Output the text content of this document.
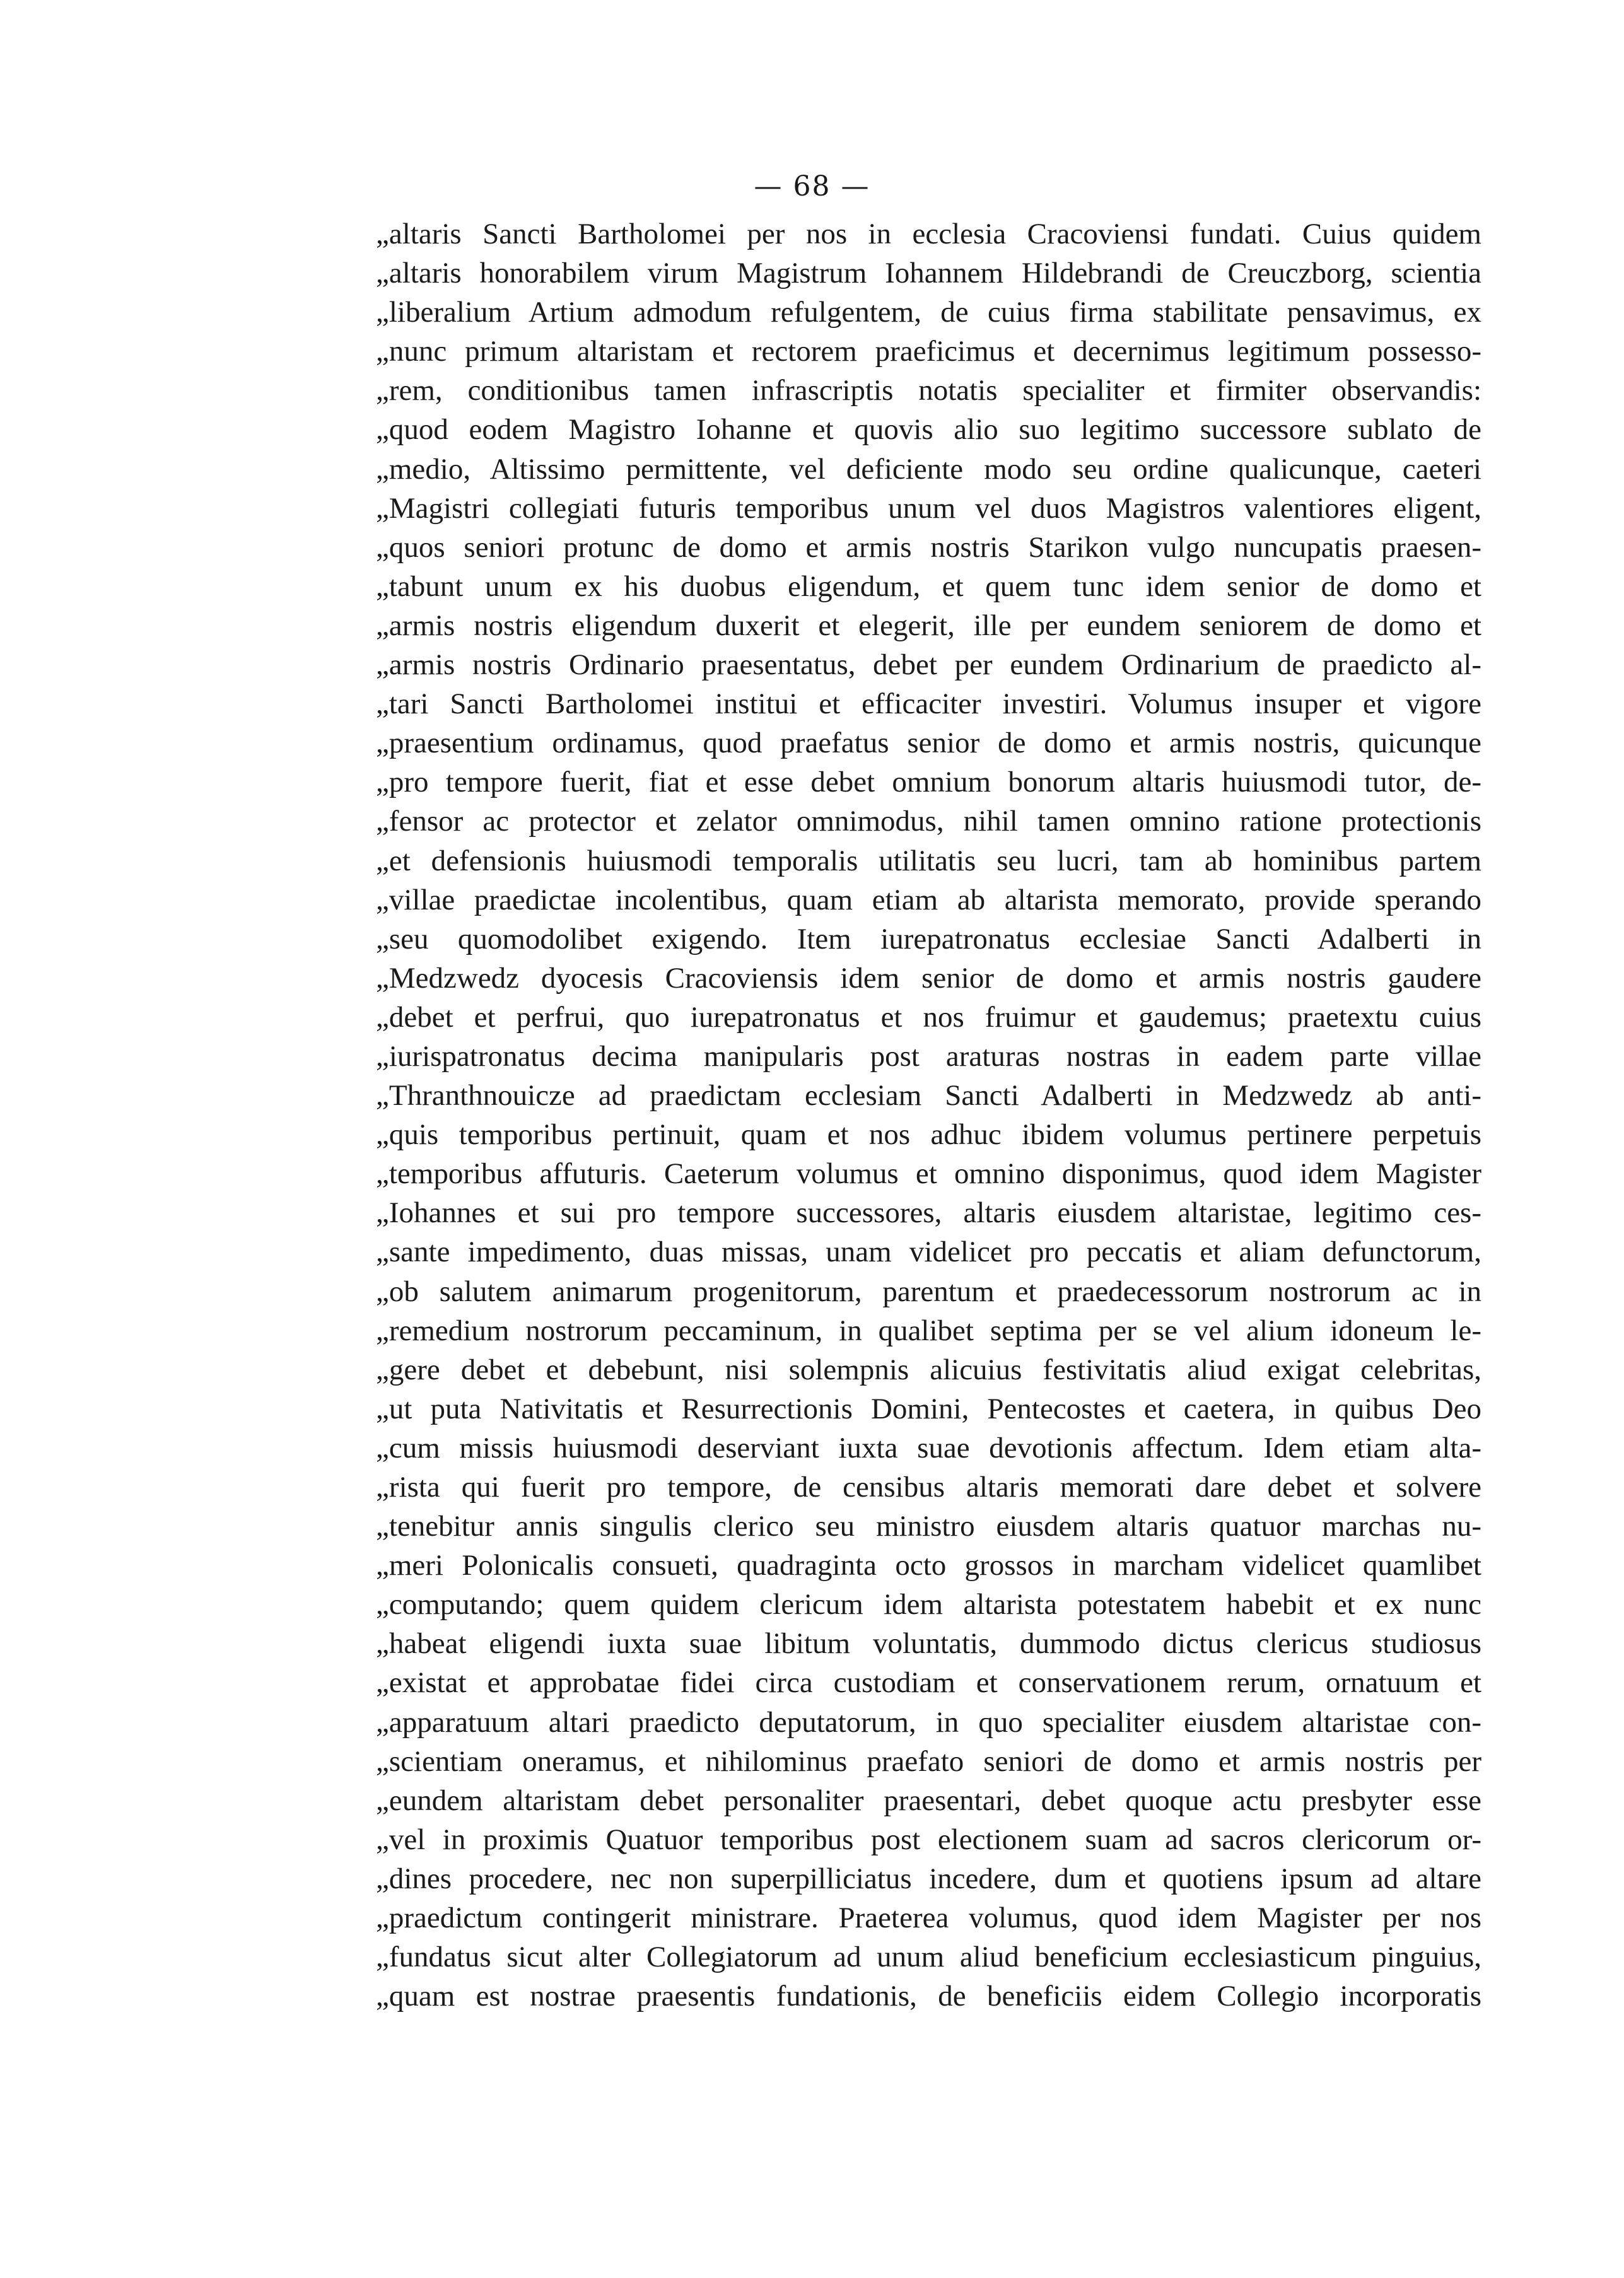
— 68 —
„altaris Sancti Bartholomei per nos in ecclesia Cracoviensi fundati. Cuius quidem
„altaris honorabilem virum Magistrum Iohannem Hildebrandi de Creuczborg, scientia
„liberalium Artium admodum refulgentem, de cuius firma stabilitate pensavimus, ex
„nunc primum altaristam et rectorem praeficimus et decernimus legitimum possesso-
„rem, conditionibus tamen infrascriptis notatis specialiter et firmiter observandis:
„quod eodem Magistro Iohanne et quovis alio suo legitimo successore sublato de
„medio, Altissimo permittente, vel deficiente modo seu ordine qualicunque, caeteri
„Magistri collegiati futuris temporibus unum vel duos Magistros valentiores eligent,
„quos seniori protunc de domo et armis nostris Starikon vulgo nuncupatis praesen-
„tabunt unum ex his duobus eligendum, et quem tunc idem senior de domo et
„armis nostris eligendum duxerit et elegerit, ille per eundem seniorem de domo et
„armis nostris Ordinario praesentatus, debet per eundem Ordinarium de praedicto al-
„tari Sancti Bartholomei institui et efficaciter investiri. Volumus insuper et vigore
„praesentium ordinamus, quod praefatus senior de domo et armis nostris, quicunque
„pro tempore fuerit, fiat et esse debet omnium bonorum altaris huiusmodi tutor, de-
„fensor ac protector et zelator omnimodus, nihil tamen omnino ratione protectionis
„et defensionis huiusmodi temporalis utilitatis seu lucri, tam ab hominibus partem
„villae praedictae incolentibus, quam etiam ab altarista memorato, provide sperando
„seu quomodolibet exigendo. Item iurepatronatus ecclesiae Sancti Adalberti in
„Medzwedz dyocesis Cracoviensis idem senior de domo et armis nostris gaudere
„debet et perfrui, quo iurepatronatus et nos fruimur et gaudemus; praetextu cuius
„iurispatronatus decima manipularis post araturas nostras in eadem parte villae
„Thranthnouicze ad praedictam ecclesiam Sancti Adalberti in Medzwedz ab anti-
„quis temporibus pertinuit, quam et nos adhuc ibidem volumus pertinere perpetuis
„temporibus affuturis. Caeterum volumus et omnino disponimus, quod idem Magister
„Iohannes et sui pro tempore successores, altaris eiusdem altaristae, legitimo ces-
„sante impedimento, duas missas, unam videlicet pro peccatis et aliam defunctorum,
„ob salutem animarum progenitorum, parentum et praedecessorum nostrorum ac in
„remedium nostrorum peccaminum, in qualibet septima per se vel alium idoneum le-
„gere debet et debebunt, nisi solempnis alicuius festivitatis aliud exigat celebritas,
„ut puta Nativitatis et Resurrectionis Domini, Pentecostes et caetera, in quibus Deo
„cum missis huiusmodi deserviant iuxta suae devotionis affectum. Idem etiam alta-
„rista qui fuerit pro tempore, de censibus altaris memorati dare debet et solvere
„tenebitur annis singulis clerico seu ministro eiusdem altaris quatuor marchas nu-
„meri Polonicalis consueti, quadraginta octo grossos in marcham videlicet quamlibet
„computando; quem quidem clericum idem altarista potestatem habebit et ex nunc
„habeat eligendi iuxta suae libitum voluntatis, dummodo dictus clericus studiosus
„existat et approbatae fidei circa custodiam et conservationem rerum, ornatuum et
„apparatuum altari praedicto deputatorum, in quo specialiter eiusdem altaristae con-
„scientiam oneramus, et nihilominus praefato seniori de domo et armis nostris per
„eundem altaristam debet personaliter praesentari, debet quoque actu presbyter esse
„vel in proximis Quatuor temporibus post electionem suam ad sacros clericorum or-
„dines procedere, nec non superpilliciatus incedere, dum et quotiens ipsum ad altare
„praedictum contingerit ministrare. Praeterea volumus, quod idem Magister per nos
„fundatus sicut alter Collegiatorum ad unum aliud beneficium ecclesiasticum pinguius,
„quam est nostrae praesentis fundationis, de beneficiis eidem Collegio incorporatis
